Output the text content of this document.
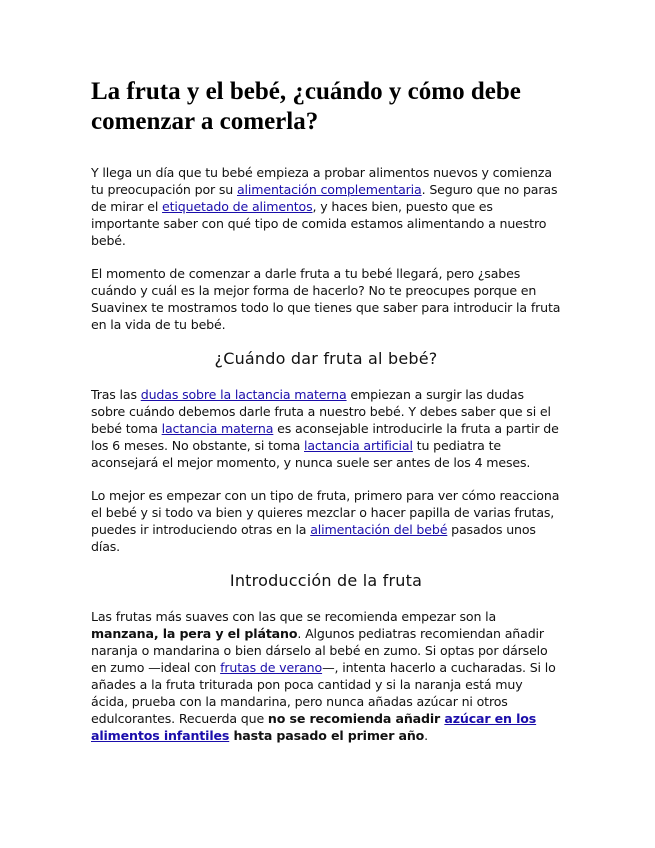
La fruta y el bebé, ¿cuándo y cómo debe comenzar a comerla?

Y llega un día que tu bebé empieza a probar alimentos nuevos y comienza tu preocupación por su alimentación complementaria. Seguro que no paras de mirar el etiquetado de alimentos, y haces bien, puesto que es importante saber con qué tipo de comida estamos alimentando a nuestro bebé.

El momento de comenzar a darle fruta a tu bebé llegará, pero ¿sabes cuándo y cuál es la mejor forma de hacerlo? No te preocupes porque en Suavinex te mostramos todo lo que tienes que saber para introducir la fruta en la vida de tu bebé.

¿Cuándo dar fruta al bebé?

Tras las dudas sobre la lactancia materna empiezan a surgir las dudas sobre cuándo debemos darle fruta a nuestro bebé. Y debes saber que si el bebé toma lactancia materna es aconsejable introducirle la fruta a partir de los 6 meses. No obstante, si toma lactancia artificial tu pediatra te aconsejará el mejor momento, y nunca suele ser antes de los 4 meses.

Lo mejor es empezar con un tipo de fruta, primero para ver cómo reacciona el bebé y si todo va bien y quieres mezclar o hacer papilla de varias frutas, puedes ir introduciendo otras en la alimentación del bebé pasados unos días.

Introducción de la fruta

Las frutas más suaves con las que se recomienda empezar son la manzana, la pera y el plátano. Algunos pediatras recomiendan añadir naranja o mandarina o bien dárselo al bebé en zumo. Si optas por dárselo en zumo —ideal con frutas de verano—, intenta hacerlo a cucharadas. Si lo añades a la fruta triturada pon poca cantidad y si la naranja está muy ácida, prueba con la mandarina, pero nunca añadas azúcar ni otros edulcorantes. Recuerda que no se recomienda añadir azúcar en los alimentos infantiles hasta pasado el primer año.
